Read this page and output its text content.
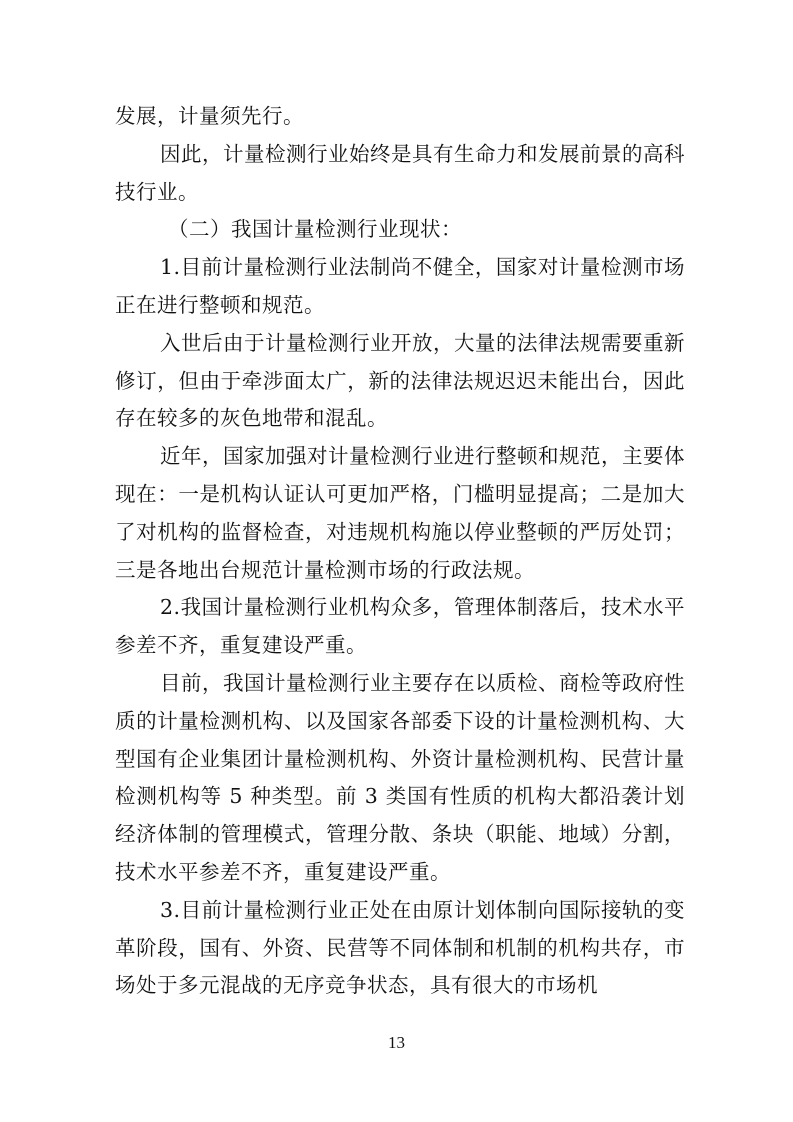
发展，计量须先行。

因此，计量检测行业始终是具有生命力和发展前景的高科技行业。

（二）我国计量检测行业现状：

1.目前计量检测行业法制尚不健全，国家对计量检测市场正在进行整顿和规范。

入世后由于计量检测行业开放，大量的法律法规需要重新修订，但由于牵涉面太广，新的法律法规迟迟未能出台，因此存在较多的灰色地带和混乱。

近年，国家加强对计量检测行业进行整顿和规范，主要体现在：一是机构认证认可更加严格，门槛明显提高；二是加大了对机构的监督检查，对违规机构施以停业整顿的严厉处罚；三是各地出台规范计量检测市场的行政法规。

2.我国计量检测行业机构众多，管理体制落后，技术水平参差不齐，重复建设严重。

目前，我国计量检测行业主要存在以质检、商检等政府性质的计量检测机构、以及国家各部委下设的计量检测机构、大型国有企业集团计量检测机构、外资计量检测机构、民营计量检测机构等 5 种类型。前 3 类国有性质的机构大都沿袭计划经济体制的管理模式，管理分散、条块（职能、地域）分割，技术水平参差不齐，重复建设严重。

3.目前计量检测行业正处在由原计划体制向国际接轨的变革阶段，国有、外资、民营等不同体制和机制的机构共存，市场处于多元混战的无序竞争状态，具有很大的市场机

13
